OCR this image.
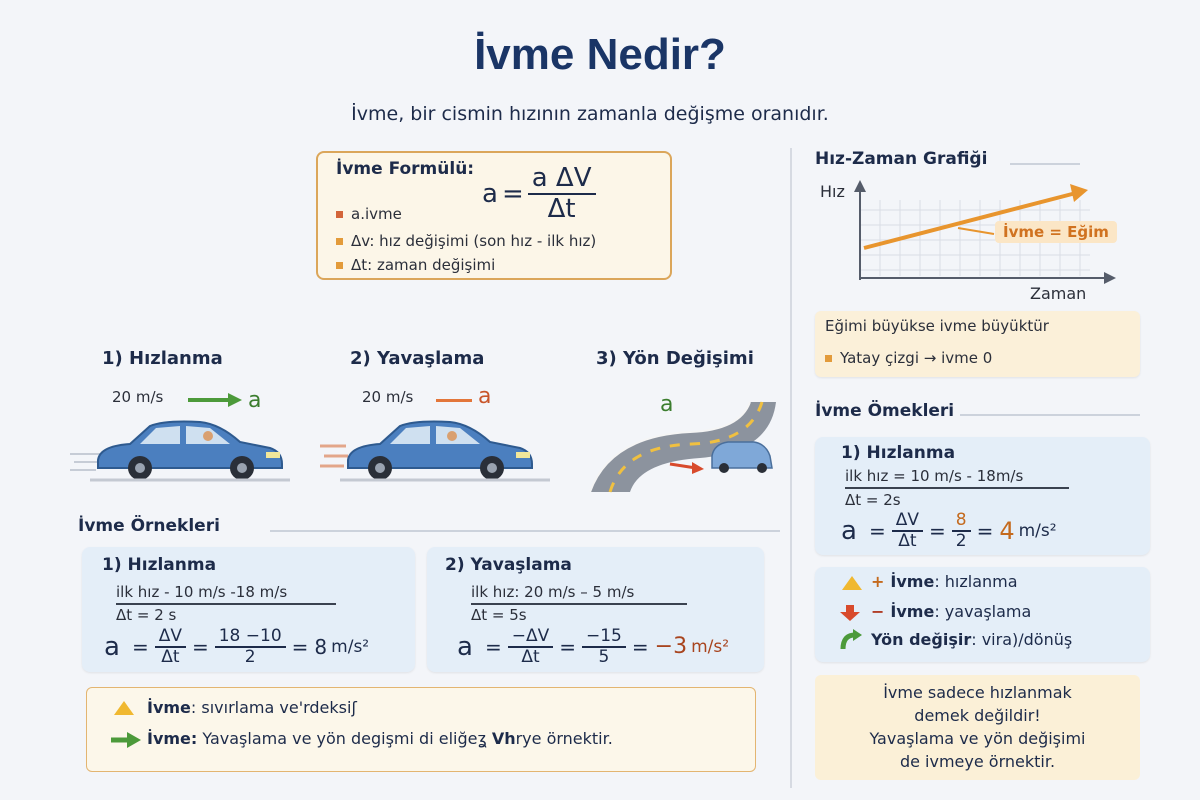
İvme Nedir?
İvme, bir cismin hızının zamanla değişme oranıdır.
İvme Formülü:
a.ivme
Δv: hız değişimi (son hız - ilk hız)
Δt: zaman değişimi
$a = \frac{\text{a ΔV}}{\Delta t}$
Hız-Zaman Grafiği
Hız
Zaman
İvme = Eğim
Eğimi büyükse ivme büyüktür
Yatay çizgi → ivme 0
1) Hızlanma	2) Yavaşlama	3) Yön Değişimi
20 m/s	a	20 m/s	a	a
İvme Örnekleri
1) Hızlanma
ilk hız - 10 m/s -18 m/s
Δt = 2 s
$a = \frac{\Delta V}{\Delta t} = \frac{18 -10}{2} = 8$ m/s²
2) Yavaşlama
ilk hız: 20 m/s – 5 m/s
Δt = 5s
$a = \frac{-\Delta V}{\Delta t} = \frac{-15}{5} = -3$ m/s²
İvme: sıvırlama ve'rdeksiʃ
İvme: Yavaşlama ve yön degişmi di eliğeʓ Vhrye örnektir.
İvme Ömekleri
1) Hızlanma
ilk hız = 10 m/s - 18m/s
Δt = 2s
$a = \frac{\Delta V}{\Delta t} = \frac{8}{2} = 4$ m/s²
+ İvme: hızlanma
− İvme: yavaşlama
Yön değişir: vira)/dönüş
İvme sadece hızlanmak
demek değildir!
Yavaşlama ve yön değişimi
de ivmeye örnektir.
